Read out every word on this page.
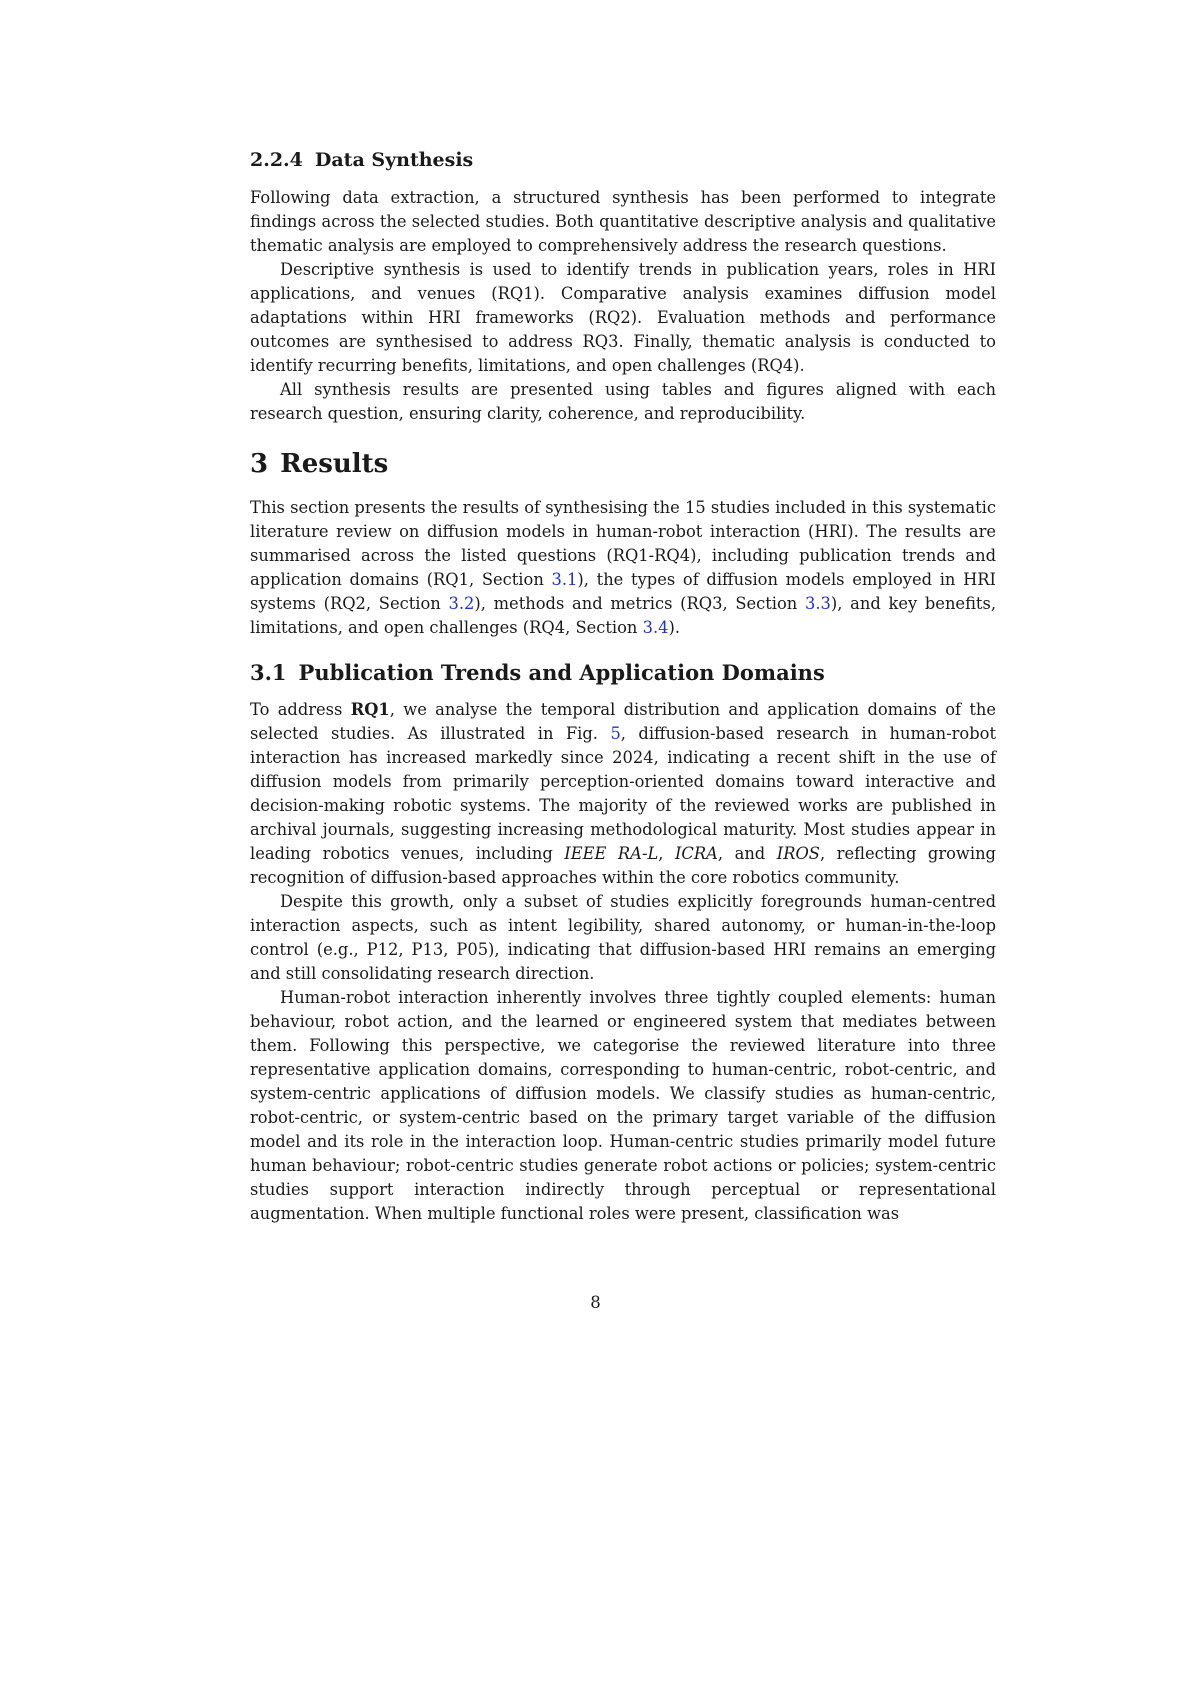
2.2.4 Data Synthesis

Following data extraction, a structured synthesis has been performed to integrate findings across the selected studies. Both quantitative descriptive analysis and qualitative thematic analysis are employed to comprehensively address the research questions.

Descriptive synthesis is used to identify trends in publication years, roles in HRI applications, and venues (RQ1). Comparative analysis examines diffusion model adaptations within HRI frameworks (RQ2). Evaluation methods and performance outcomes are synthesised to address RQ3. Finally, thematic analysis is conducted to identify recurring benefits, limitations, and open challenges (RQ4).

All synthesis results are presented using tables and figures aligned with each research question, ensuring clarity, coherence, and reproducibility.

3 Results

This section presents the results of synthesising the 15 studies included in this systematic literature review on diffusion models in human-robot interaction (HRI). The results are summarised across the listed questions (RQ1-RQ4), including publication trends and application domains (RQ1, Section 3.1), the types of diffusion models employed in HRI systems (RQ2, Section 3.2), methods and metrics (RQ3, Section 3.3), and key benefits, limitations, and open challenges (RQ4, Section 3.4).

3.1 Publication Trends and Application Domains

To address RQ1, we analyse the temporal distribution and application domains of the selected studies. As illustrated in Fig. 5, diffusion-based research in human-robot interaction has increased markedly since 2024, indicating a recent shift in the use of diffusion models from primarily perception-oriented domains toward interactive and decision-making robotic systems. The majority of the reviewed works are published in archival journals, suggesting increasing methodological maturity. Most studies appear in leading robotics venues, including IEEE RA-L, ICRA, and IROS, reflecting growing recognition of diffusion-based approaches within the core robotics community.

Despite this growth, only a subset of studies explicitly foregrounds human-centred interaction aspects, such as intent legibility, shared autonomy, or human-in-the-loop control (e.g., P12, P13, P05), indicating that diffusion-based HRI remains an emerging and still consolidating research direction.

Human-robot interaction inherently involves three tightly coupled elements: human behaviour, robot action, and the learned or engineered system that mediates between them. Following this perspective, we categorise the reviewed literature into three representative application domains, corresponding to human-centric, robot-centric, and system-centric applications of diffusion models. We classify studies as human-centric, robot-centric, or system-centric based on the primary target variable of the diffusion model and its role in the interaction loop. Human-centric studies primarily model future human behaviour; robot-centric studies generate robot actions or policies; system-centric studies support interaction indirectly through perceptual or representational augmentation. When multiple functional roles were present, classification was

8
